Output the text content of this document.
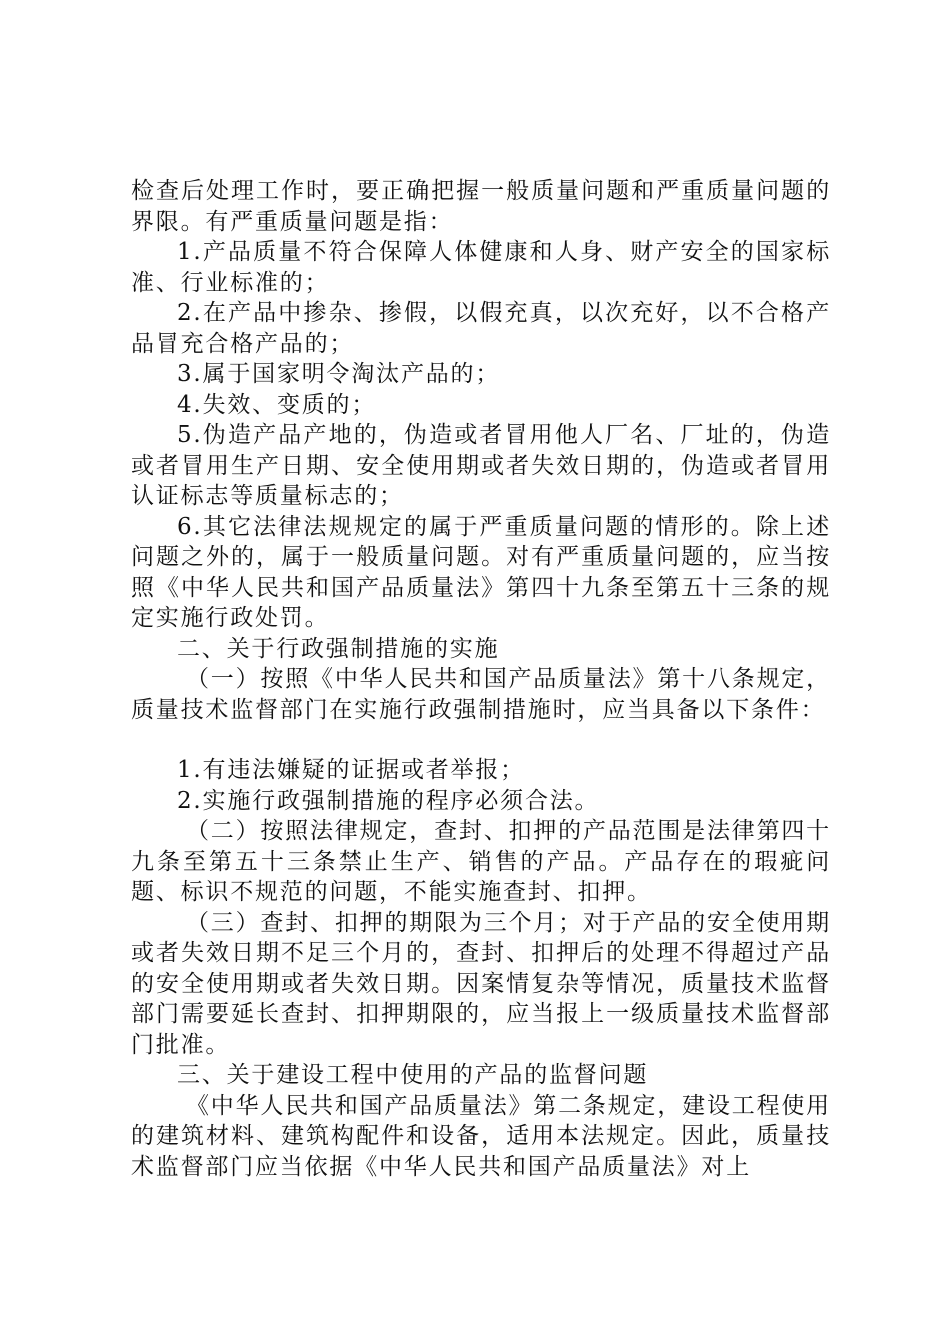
检查后处理工作时，要正确把握一般质量问题和严重质量问题的界限。有严重质量问题是指：

1.产品质量不符合保障人体健康和人身、财产安全的国家标准、行业标准的；

2.在产品中掺杂、掺假，以假充真，以次充好，以不合格产品冒充合格产品的；

3.属于国家明令淘汰产品的；

4.失效、变质的；

5.伪造产品产地的，伪造或者冒用他人厂名、厂址的，伪造或者冒用生产日期、安全使用期或者失效日期的，伪造或者冒用认证标志等质量标志的；

6.其它法律法规规定的属于严重质量问题的情形的。除上述问题之外的，属于一般质量问题。对有严重质量问题的，应当按照《中华人民共和国产品质量法》第四十九条至第五十三条的规定实施行政处罚。

二、关于行政强制措施的实施

（一）按照《中华人民共和国产品质量法》第十八条规定，质量技术监督部门在实施行政强制措施时，应当具备以下条件：

1.有违法嫌疑的证据或者举报；

2.实施行政强制措施的程序必须合法。

（二）按照法律规定，查封、扣押的产品范围是法律第四十九条至第五十三条禁止生产、销售的产品。产品存在的瑕疵问题、标识不规范的问题，不能实施查封、扣押。

（三）查封、扣押的期限为三个月；对于产品的安全使用期或者失效日期不足三个月的，查封、扣押后的处理不得超过产品的安全使用期或者失效日期。因案情复杂等情况，质量技术监督部门需要延长查封、扣押期限的，应当报上一级质量技术监督部门批准。

三、关于建设工程中使用的产品的监督问题

《中华人民共和国产品质量法》第二条规定，建设工程使用的建筑材料、建筑构配件和设备，适用本法规定。因此，质量技术监督部门应当依据《中华人民共和国产品质量法》对上
